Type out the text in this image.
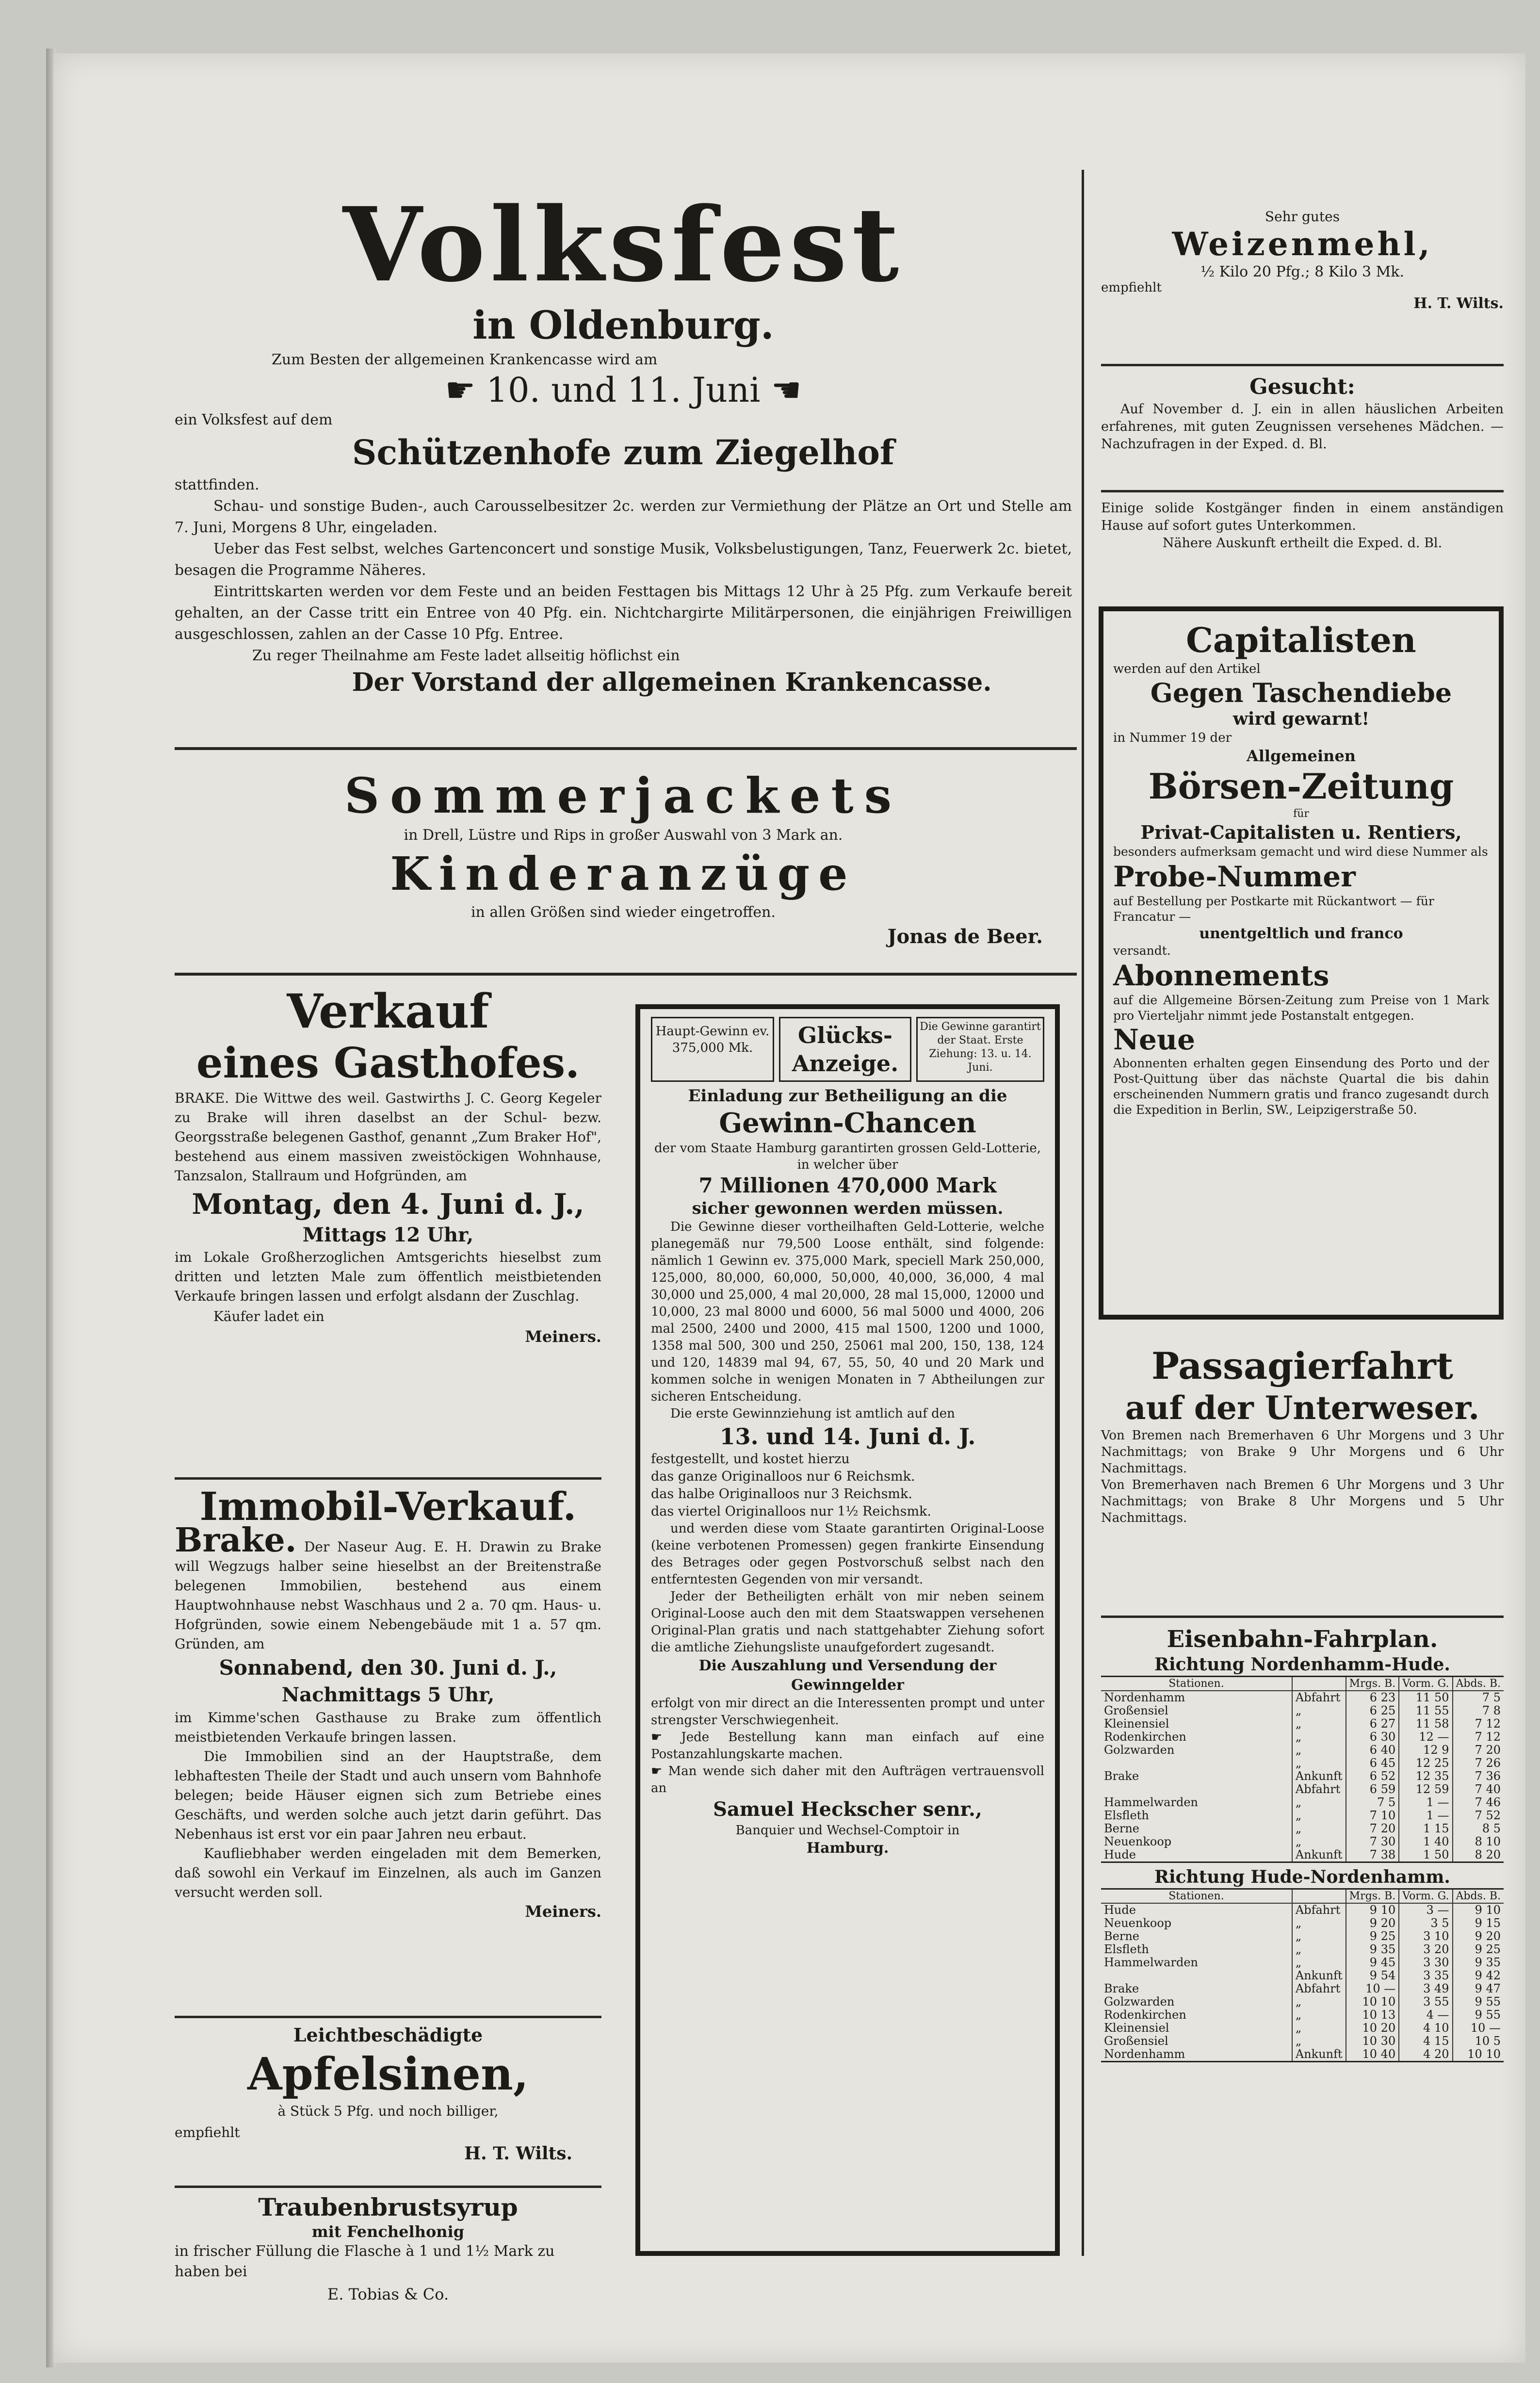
Volksfest
in Oldenburg.
Zum Besten der allgemeinen Krankencasse wird am
☛ 10. und 11. Juni ☚
ein Volksfest auf dem
Schützenhofe zum Ziegelhof
stattfinden.
Schau- und sonstige Buden-, auch Carousselbesitzer 2c. werden zur Vermiethung der Plätze an Ort und Stelle am 7. Juni, Morgens 8 Uhr, eingeladen.
Ueber das Fest selbst, welches Gartenconcert und sonstige Musik, Volksbelustigungen, Tanz, Feuerwerk 2c. bietet, besagen die Programme Näheres.
Eintrittskarten werden vor dem Feste und an beiden Festtagen bis Mittags 12 Uhr à 25 Pfg. zum Verkaufe bereit gehalten, an der Casse tritt ein Entree von 40 Pfg. ein. Nichtchargirte Militärpersonen, die einjährigen Freiwilligen ausgeschlossen, zahlen an der Casse 10 Pfg. Entree.
Zu reger Theilnahme am Feste ladet allseitig höflichst ein
Der Vorstand der allgemeinen Krankencasse.
Sommerjackets
in Drell, Lüstre und Rips in großer Auswahl von 3 Mark an.
Kinderanzüge
in allen Größen sind wieder eingetroffen.
Jonas de Beer.
Verkauf
eines Gasthofes.
BRAKE. Die Wittwe des weil. Gastwirths J. C. Georg Kegeler zu Brake will ihren daselbst an der Schul- bezw. Georgsstraße belegenen Gasthof, genannt „Zum Braker Hof", bestehend aus einem massiven zweistöckigen Wohnhause, Tanzsalon, Stallraum und Hofgründen, am
Montag, den 4. Juni d. J.,
Mittags 12 Uhr,
im Lokale Großherzoglichen Amtsgerichts hieselbst zum dritten und letzten Male zum öffentlich meistbietenden Verkaufe bringen lassen und erfolgt alsdann der Zuschlag.
Käufer ladet ein
Meiners.
Immobil-Verkauf.
Brake. Der Naseur Aug. E. H. Drawin zu Brake will Wegzugs halber seine hieselbst an der Breitenstraße belegenen Immobilien, bestehend aus einem Hauptwohnhause nebst Waschhaus und 2 a. 70 qm. Haus- u. Hofgründen, sowie einem Nebengebäude mit 1 a. 57 qm. Gründen, am
Sonnabend, den 30. Juni d. J.,
Nachmittags 5 Uhr,
im Kimme'schen Gasthause zu Brake zum öffentlich meistbietenden Verkaufe bringen lassen.
Die Immobilien sind an der Hauptstraße, dem lebhaftesten Theile der Stadt und auch unsern vom Bahnhofe belegen; beide Häuser eignen sich zum Betriebe eines Geschäfts, und werden solche auch jetzt darin geführt. Das Nebenhaus ist erst vor ein paar Jahren neu erbaut.
Kaufliebhaber werden eingeladen mit dem Bemerken, daß sowohl ein Verkauf im Einzelnen, als auch im Ganzen versucht werden soll.
Meiners.
Leichtbeschädigte
Apfelsinen,
à Stück 5 Pfg. und noch billiger,
empfiehlt
H. T. Wilts.
Traubenbrustsyrup
mit Fenchelhonig
in frischer Füllung die Flasche à 1 und 1½ Mark zu haben bei
E. Tobias & Co.
Haupt-Gewinn ev. 375,000 Mk.	Glücks-Anzeige.
Die Gewinne garantirt der Staat. Erste Ziehung: 13. u. 14. Juni.
Einladung zur Betheiligung an die
Gewinn-Chancen
der vom Staate Hamburg garantirten grossen Geld-Lotterie, in welcher über
7 Millionen 470,000 Mark
sicher gewonnen werden müssen.
Die Gewinne dieser vortheilhaften Geld-Lotterie, welche planegemäß nur 79,500 Loose enthält, sind folgende: nämlich 1 Gewinn ev. 375,000 Mark, speciell Mark 250,000, 125,000, 80,000, 60,000, 50,000, 40,000, 36,000, 4 mal 30,000 und 25,000, 4 mal 20,000, 28 mal 15,000, 12000 und 10,000, 23 mal 8000 und 6000, 56 mal 5000 und 4000, 206 mal 2500, 2400 und 2000, 415 mal 1500, 1200 und 1000, 1358 mal 500, 300 und 250, 25061 mal 200, 150, 138, 124 und 120, 14839 mal 94, 67, 55, 50, 40 und 20 Mark und kommen solche in wenigen Monaten in 7 Abtheilungen zur sicheren Entscheidung.
Die erste Gewinnziehung ist amtlich auf den
13. und 14. Juni d. J.
festgestellt, und kostet hierzu
das ganze Originalloos nur 6 Reichsmk.
das halbe Originalloos nur 3 Reichsmk.
das viertel Originalloos nur 1½ Reichsmk.
und werden diese vom Staate garantirten Original-Loose (keine verbotenen Promessen) gegen frankirte Einsendung des Betrages oder gegen Postvorschuß selbst nach den entferntesten Gegenden von mir versandt.
Jeder der Betheiligten erhält von mir neben seinem Original-Loose auch den mit dem Staatswappen versehenen Original-Plan gratis und nach stattgehabter Ziehung sofort die amtliche Ziehungsliste unaufgefordert zugesandt.
Die Auszahlung und Versendung der Gewinngelder
erfolgt von mir direct an die Interessenten prompt und unter strengster Verschwiegenheit.
☛ Jede Bestellung kann man einfach auf eine Postanzahlungskarte machen.
☛ Man wende sich daher mit den Aufträgen vertrauensvoll an
Samuel Heckscher senr.,
Banquier und Wechsel-Comptoir in
Hamburg.
Sehr gutes
Weizenmehl,
½ Kilo 20 Pfg.; 8 Kilo 3 Mk.
empfiehlt
H. T. Wilts.
Gesucht:
Auf November d. J. ein in allen häuslichen Arbeiten erfahrenes, mit guten Zeugnissen versehenes Mädchen. — Nachzufragen in der Exped. d. Bl.
Einige solide Kostgänger finden in einem anständigen Hause auf sofort gutes Unterkommen.
Nähere Auskunft ertheilt die Exped. d. Bl.
Capitalisten
werden auf den Artikel
Gegen Taschendiebe
wird gewarnt!
in Nummer 19 der
Allgemeinen
Börsen-Zeitung
für
Privat-Capitalisten u. Rentiers,
besonders aufmerksam gemacht und wird diese Nummer als
Probe-Nummer
auf Bestellung per Postkarte mit Rückantwort — für Francatur —
unentgeltlich und franco
versandt.
Abonnements
auf die Allgemeine Börsen-Zeitung zum Preise von 1 Mark pro Vierteljahr nimmt jede Postanstalt entgegen.
Neue
Abonnenten erhalten gegen Einsendung des Porto und der Post-Quittung über das nächste Quartal die bis dahin erscheinenden Nummern gratis und franco zugesandt durch die Expedition in Berlin, SW., Leipzigerstraße 50.
Passagierfahrt
auf der Unterweser.
Von Bremen nach Bremerhaven 6 Uhr Morgens und 3 Uhr Nachmittags; von Brake 9 Uhr Morgens und 6 Uhr Nachmittags.
Von Bremerhaven nach Bremen 6 Uhr Morgens und 3 Uhr Nachmittags; von Brake 8 Uhr Morgens und 5 Uhr Nachmittags.
Eisenbahn-Fahrplan.
Richtung Nordenhamm-Hude.
Stationen.		Mrgs. B.	Vorm. G.	Abds. B.
Nordenhamm	Abfahrt	6 23	11 50	7 5
Großensiel	„	6 25	11 55	7 8
Kleinensiel	„	6 27	11 58	7 12
Rodenkirchen	„	6 30	12 —	7 12
Golzwarden	„	6 40	12 9	7 20
	„	6 45	12 25	7 26
Brake	Ankunft	6 52	12 35	7 36
	Abfahrt	6 59	12 59	7 40
Hammelwarden	„	7 5	1 —	7 46
Elsfleth	„	7 10	1 —	7 52
Berne	„	7 20	1 15	8 5
Neuenkoop	„	7 30	1 40	8 10
Hude	Ankunft	7 38	1 50	8 20
Richtung Hude-Nordenhamm.
Stationen.		Mrgs. B.	Vorm. G.	Abds. B.
Hude	Abfahrt	9 10	3 —	9 10
Neuenkoop	„	9 20	3 5	9 15
Berne	„	9 25	3 10	9 20
Elsfleth	„	9 35	3 20	9 25
Hammelwarden	„	9 45	3 30	9 35
	Ankunft	9 54	3 35	9 42
Brake	Abfahrt	10 —	3 49	9 47
Golzwarden	„	10 10	3 55	9 55
Rodenkirchen	„	10 13	4 —	9 55
Kleinensiel	„	10 20	4 10	10 —
Großensiel	„	10 30	4 15	10 5
Nordenhamm	Ankunft	10 40	4 20	10 10
